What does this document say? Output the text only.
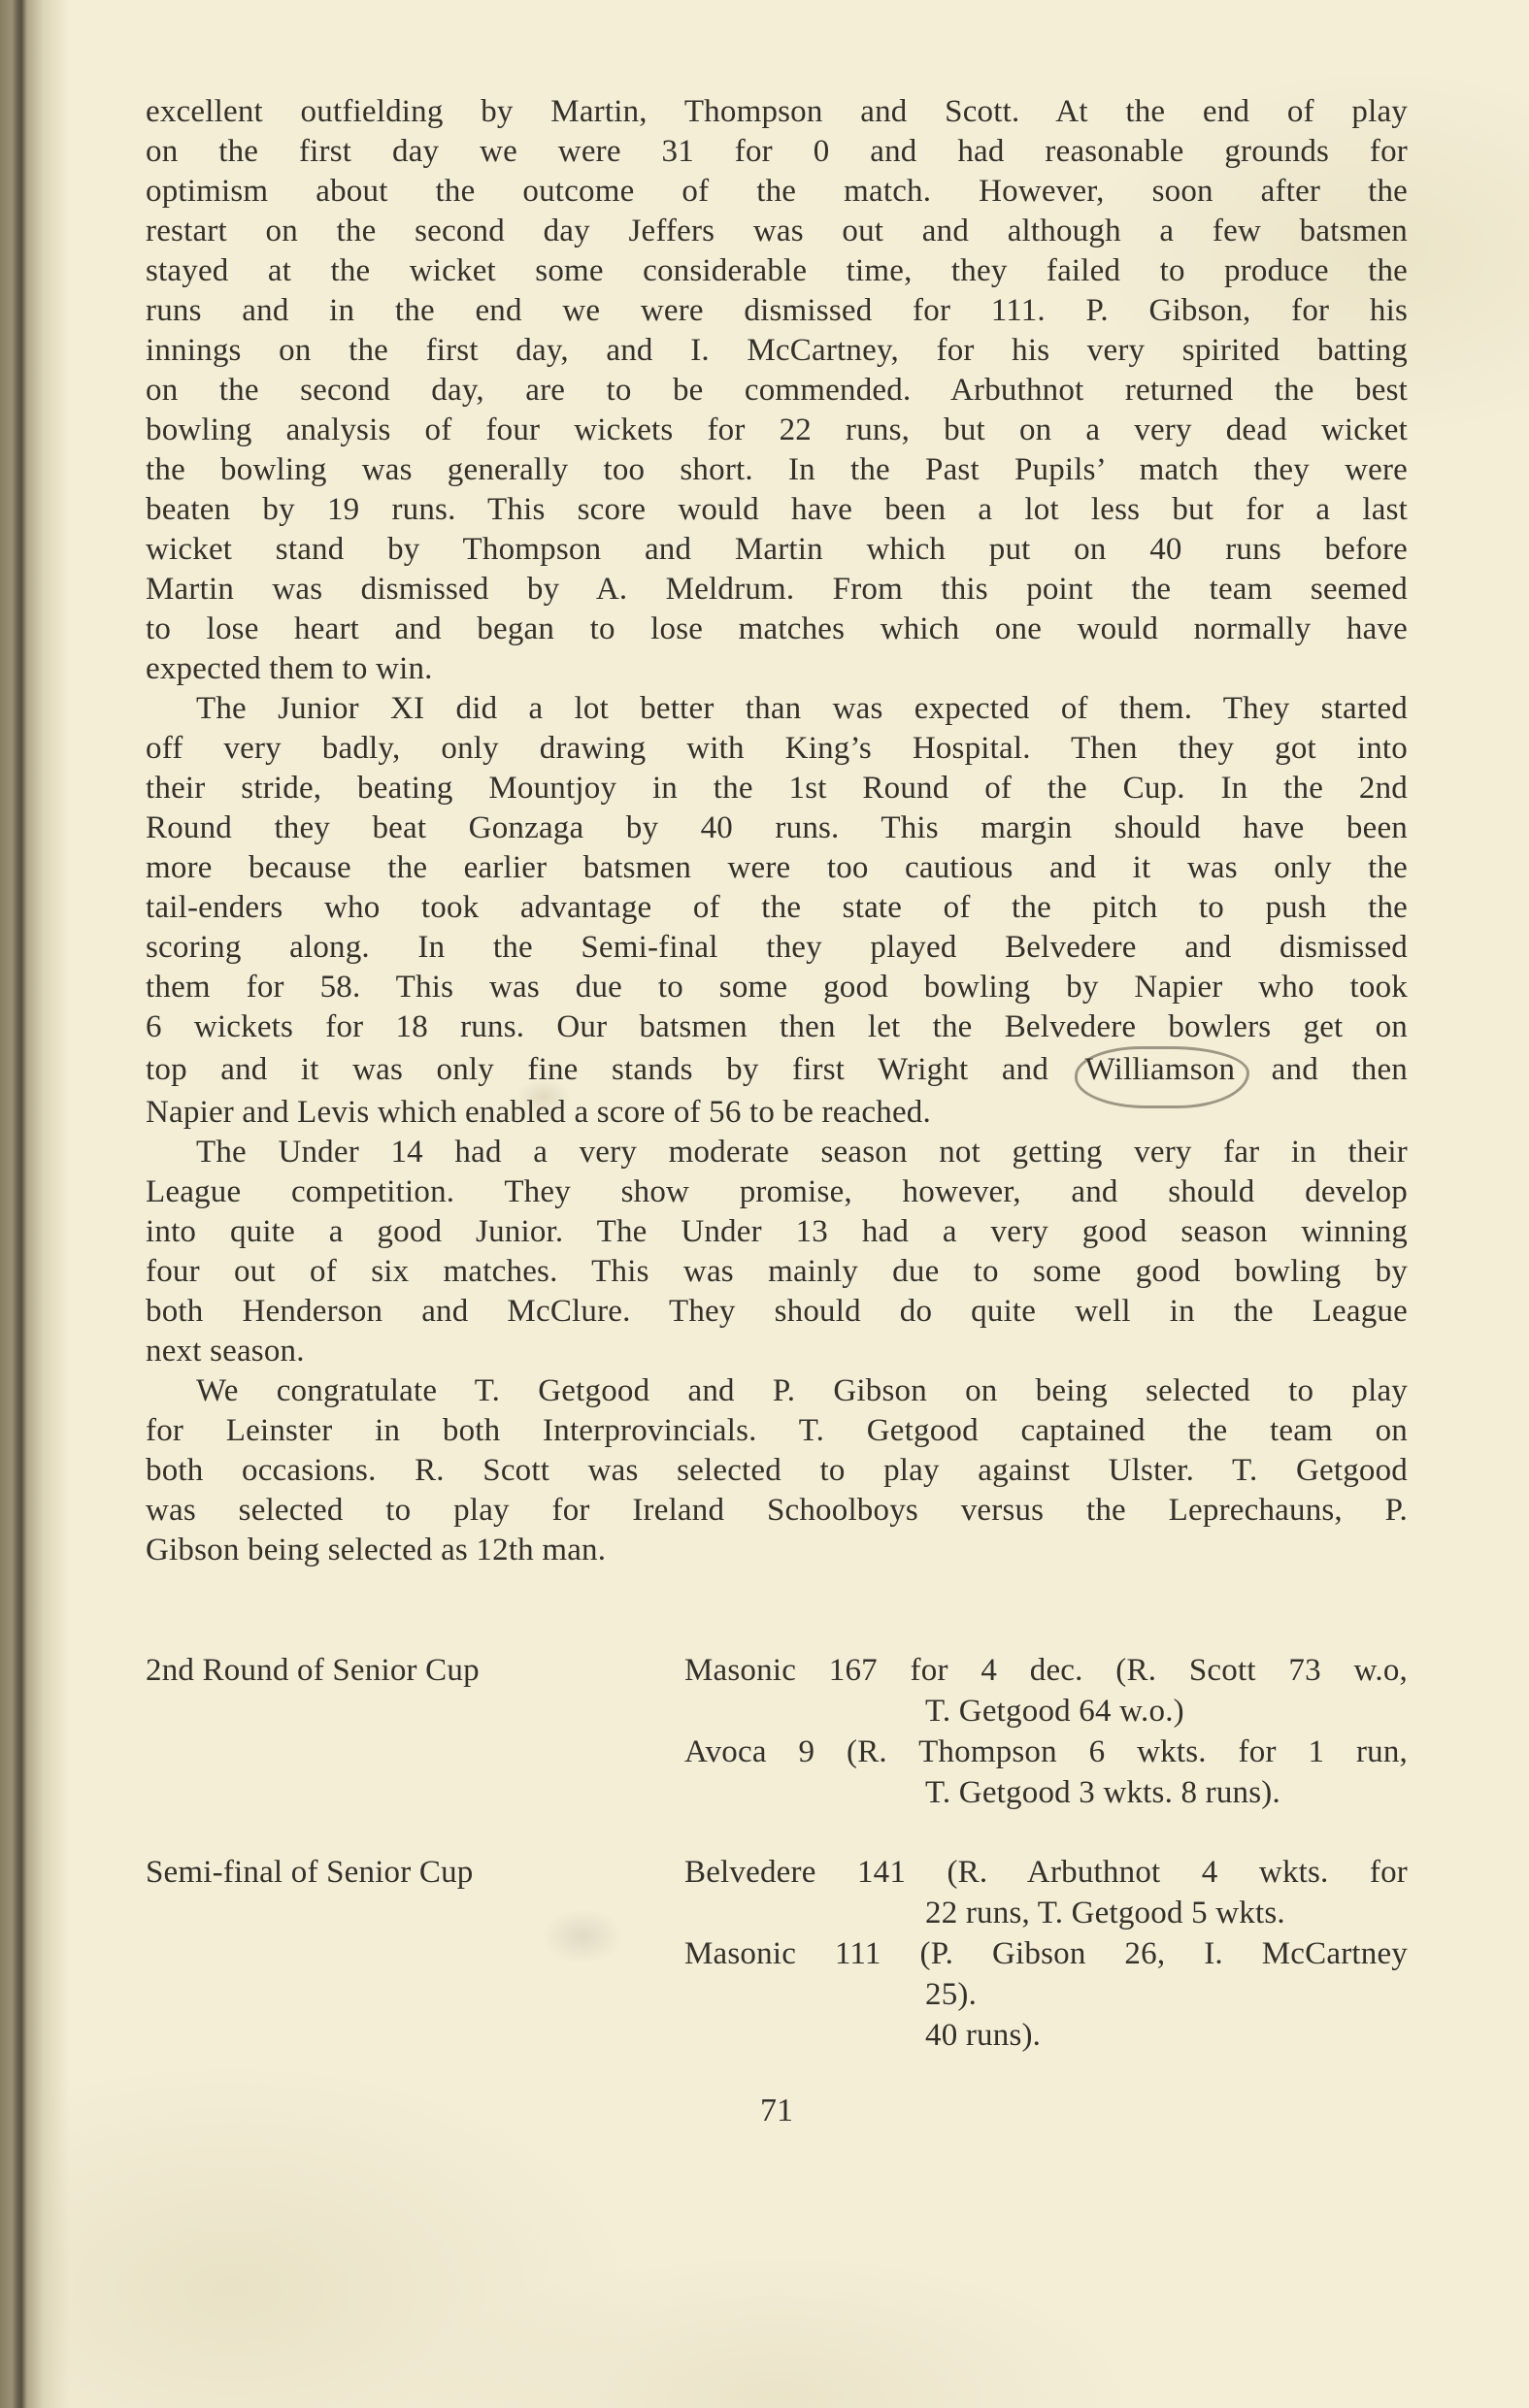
excellent outfielding by Martin, Thompson and Scott. At the end of play
on the first day we were 31 for 0 and had reasonable grounds for
optimism about the outcome of the match. However, soon after the
restart on the second day Jeffers was out and although a few batsmen
stayed at the wicket some considerable time, they failed to produce the
runs and in the end we were dismissed for 111. P. Gibson, for his
innings on the first day, and I. McCartney, for his very spirited batting
on the second day, are to be commended. Arbuthnot returned the best
bowling analysis of four wickets for 22 runs, but on a very dead wicket
the bowling was generally too short. In the Past Pupils’ match they were
beaten by 19 runs. This score would have been a lot less but for a last
wicket stand by Thompson and Martin which put on 40 runs before
Martin was dismissed by A. Meldrum. From this point the team seemed
to lose heart and began to lose matches which one would normally have
expected them to win.
The Junior XI did a lot better than was expected of them. They started
off very badly, only drawing with King’s Hospital. Then they got into
their stride, beating Mountjoy in the 1st Round of the Cup. In the 2nd
Round they beat Gonzaga by 40 runs. This margin should have been
more because the earlier batsmen were too cautious and it was only the
tail-enders who took advantage of the state of the pitch to push the
scoring along. In the Semi-final they played Belvedere and dismissed
them for 58. This was due to some good bowling by Napier who took
6 wickets for 18 runs. Our batsmen then let the Belvedere bowlers get on
top and it was only fine stands by first Wright and Williamson and then
Napier and Levis which enabled a score of 56 to be reached.
The Under 14 had a very moderate season not getting very far in their
League competition. They show promise, however, and should develop
into quite a good Junior. The Under 13 had a very good season winning
four out of six matches. This was mainly due to some good bowling by
both Henderson and McClure. They should do quite well in the League
next season.
We congratulate T. Getgood and P. Gibson on being selected to play
for Leinster in both Interprovincials. T. Getgood captained the team on
both occasions. R. Scott was selected to play against Ulster. T. Getgood
was selected to play for Ireland Schoolboys versus the Leprechauns, P.
Gibson being selected as 12th man.
2nd Round of Senior Cup	Masonic 167 for 4 dec. (R. Scott 73 w.o,
T. Getgood 64 w.o.)
Avoca 9 (R. Thompson 6 wkts. for 1 run,
T. Getgood 3 wkts. 8 runs).
Semi-final of Senior Cup	Belvedere 141 (R. Arbuthnot 4 wkts. for
22 runs, T. Getgood 5 wkts.
Masonic 111 (P. Gibson 26, I. McCartney
25).
40 runs).
71
